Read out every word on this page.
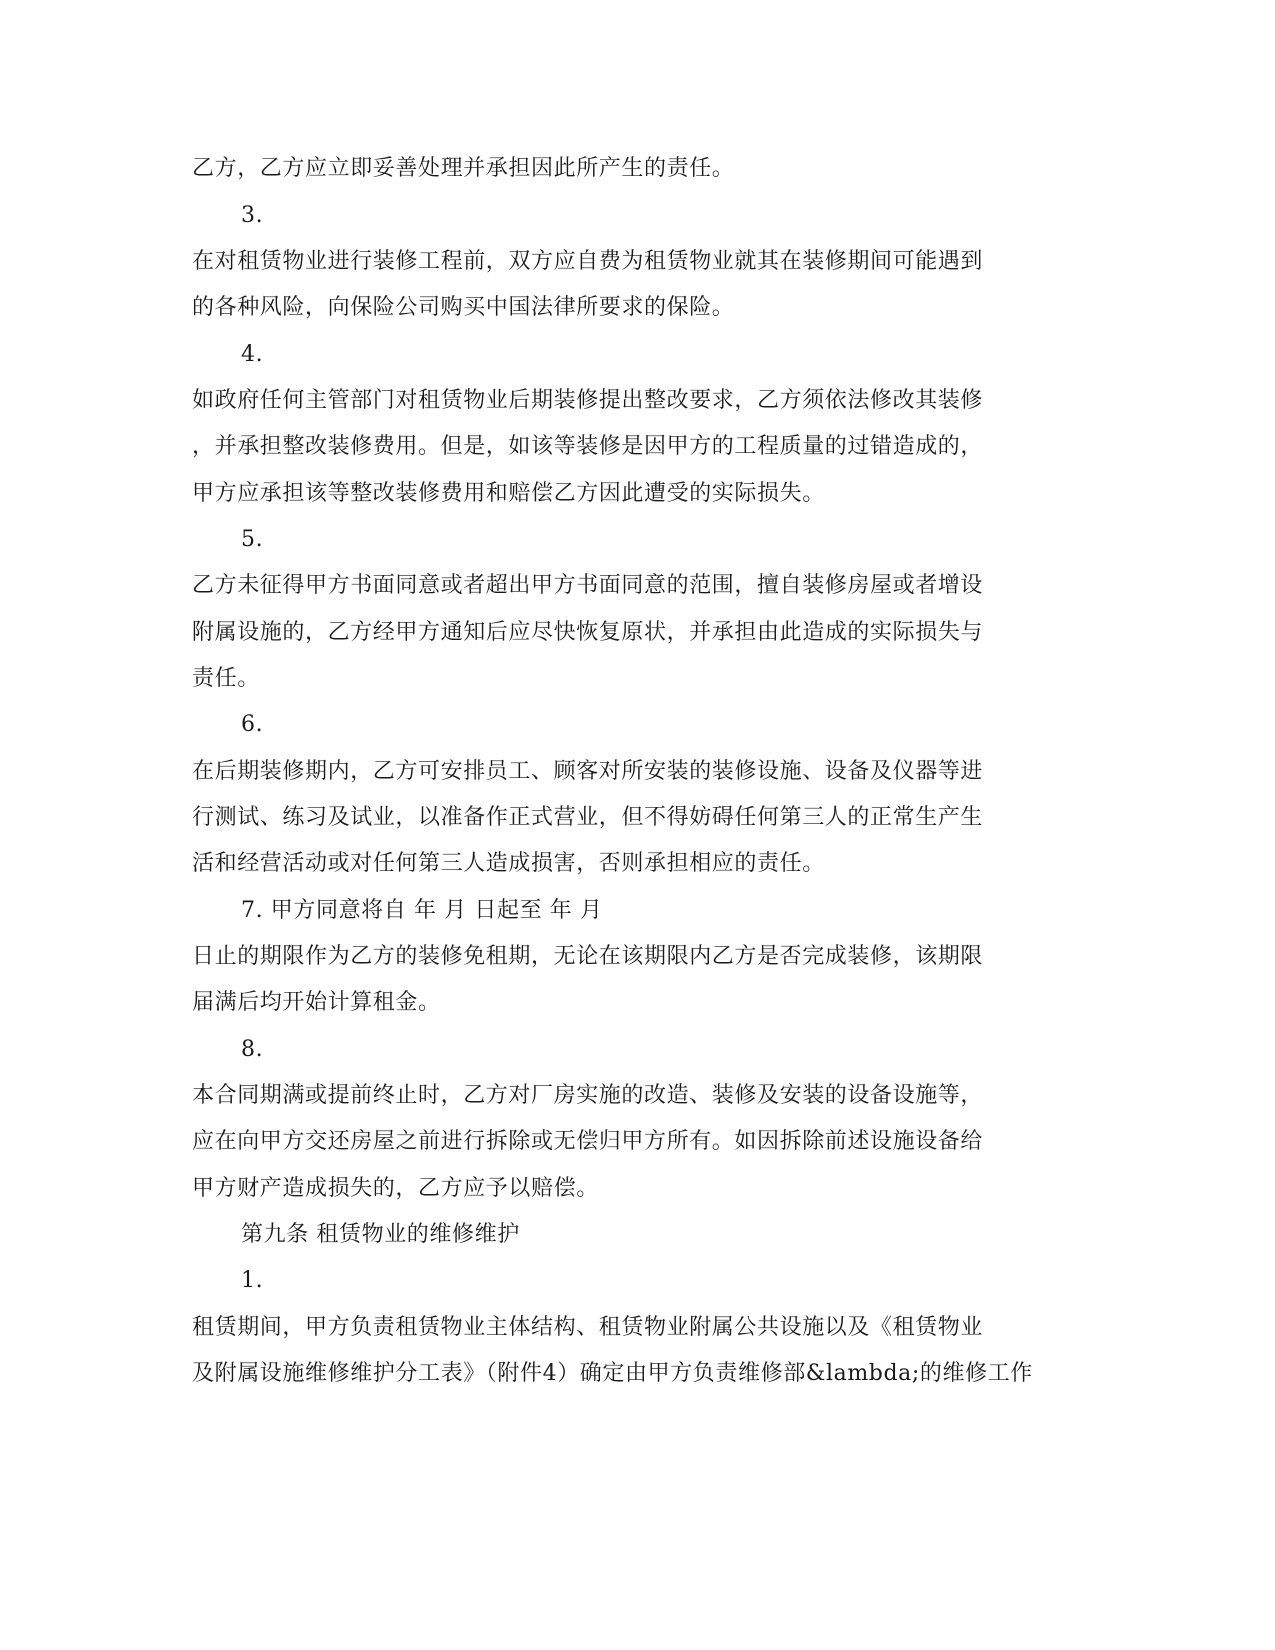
乙方，乙方应立即妥善处理并承担因此所产生的责任。
3.
在对租赁物业进行装修工程前，双方应自费为租赁物业就其在装修期间可能遇到
的各种风险，向保险公司购买中国法律所要求的保险。
4.
如政府任何主管部门对租赁物业后期装修提出整改要求，乙方须依法修改其装修
，并承担整改装修费用。但是，如该等装修是因甲方的工程质量的过错造成的，
甲方应承担该等整改装修费用和赔偿乙方因此遭受的实际损失。
5.
乙方未征得甲方书面同意或者超出甲方书面同意的范围，擅自装修房屋或者增设
附属设施的，乙方经甲方通知后应尽快恢复原状，并承担由此造成的实际损失与
责任。
6.
在后期装修期内，乙方可安排员工、顾客对所安装的装修设施、设备及仪器等进
行测试、练习及试业，以准备作正式营业，但不得妨碍任何第三人的正常生产生
活和经营活动或对任何第三人造成损害，否则承担相应的责任。
7. 甲方同意将自 年 月 日起至 年 月
日止的期限作为乙方的装修免租期，无论在该期限内乙方是否完成装修，该期限
届满后均开始计算租金。
8.
本合同期满或提前终止时，乙方对厂房实施的改造、装修及安装的设备设施等，
应在向甲方交还房屋之前进行拆除或无偿归甲方所有。如因拆除前述设施设备给
甲方财产造成损失的，乙方应予以赔偿。
第九条 租赁物业的维修维护
1.
租赁期间，甲方负责租赁物业主体结构、租赁物业附属公共设施以及《租赁物业
及附属设施维修维护分工表》（附件4）确定由甲方负责维修部&lambda;的维修工作
